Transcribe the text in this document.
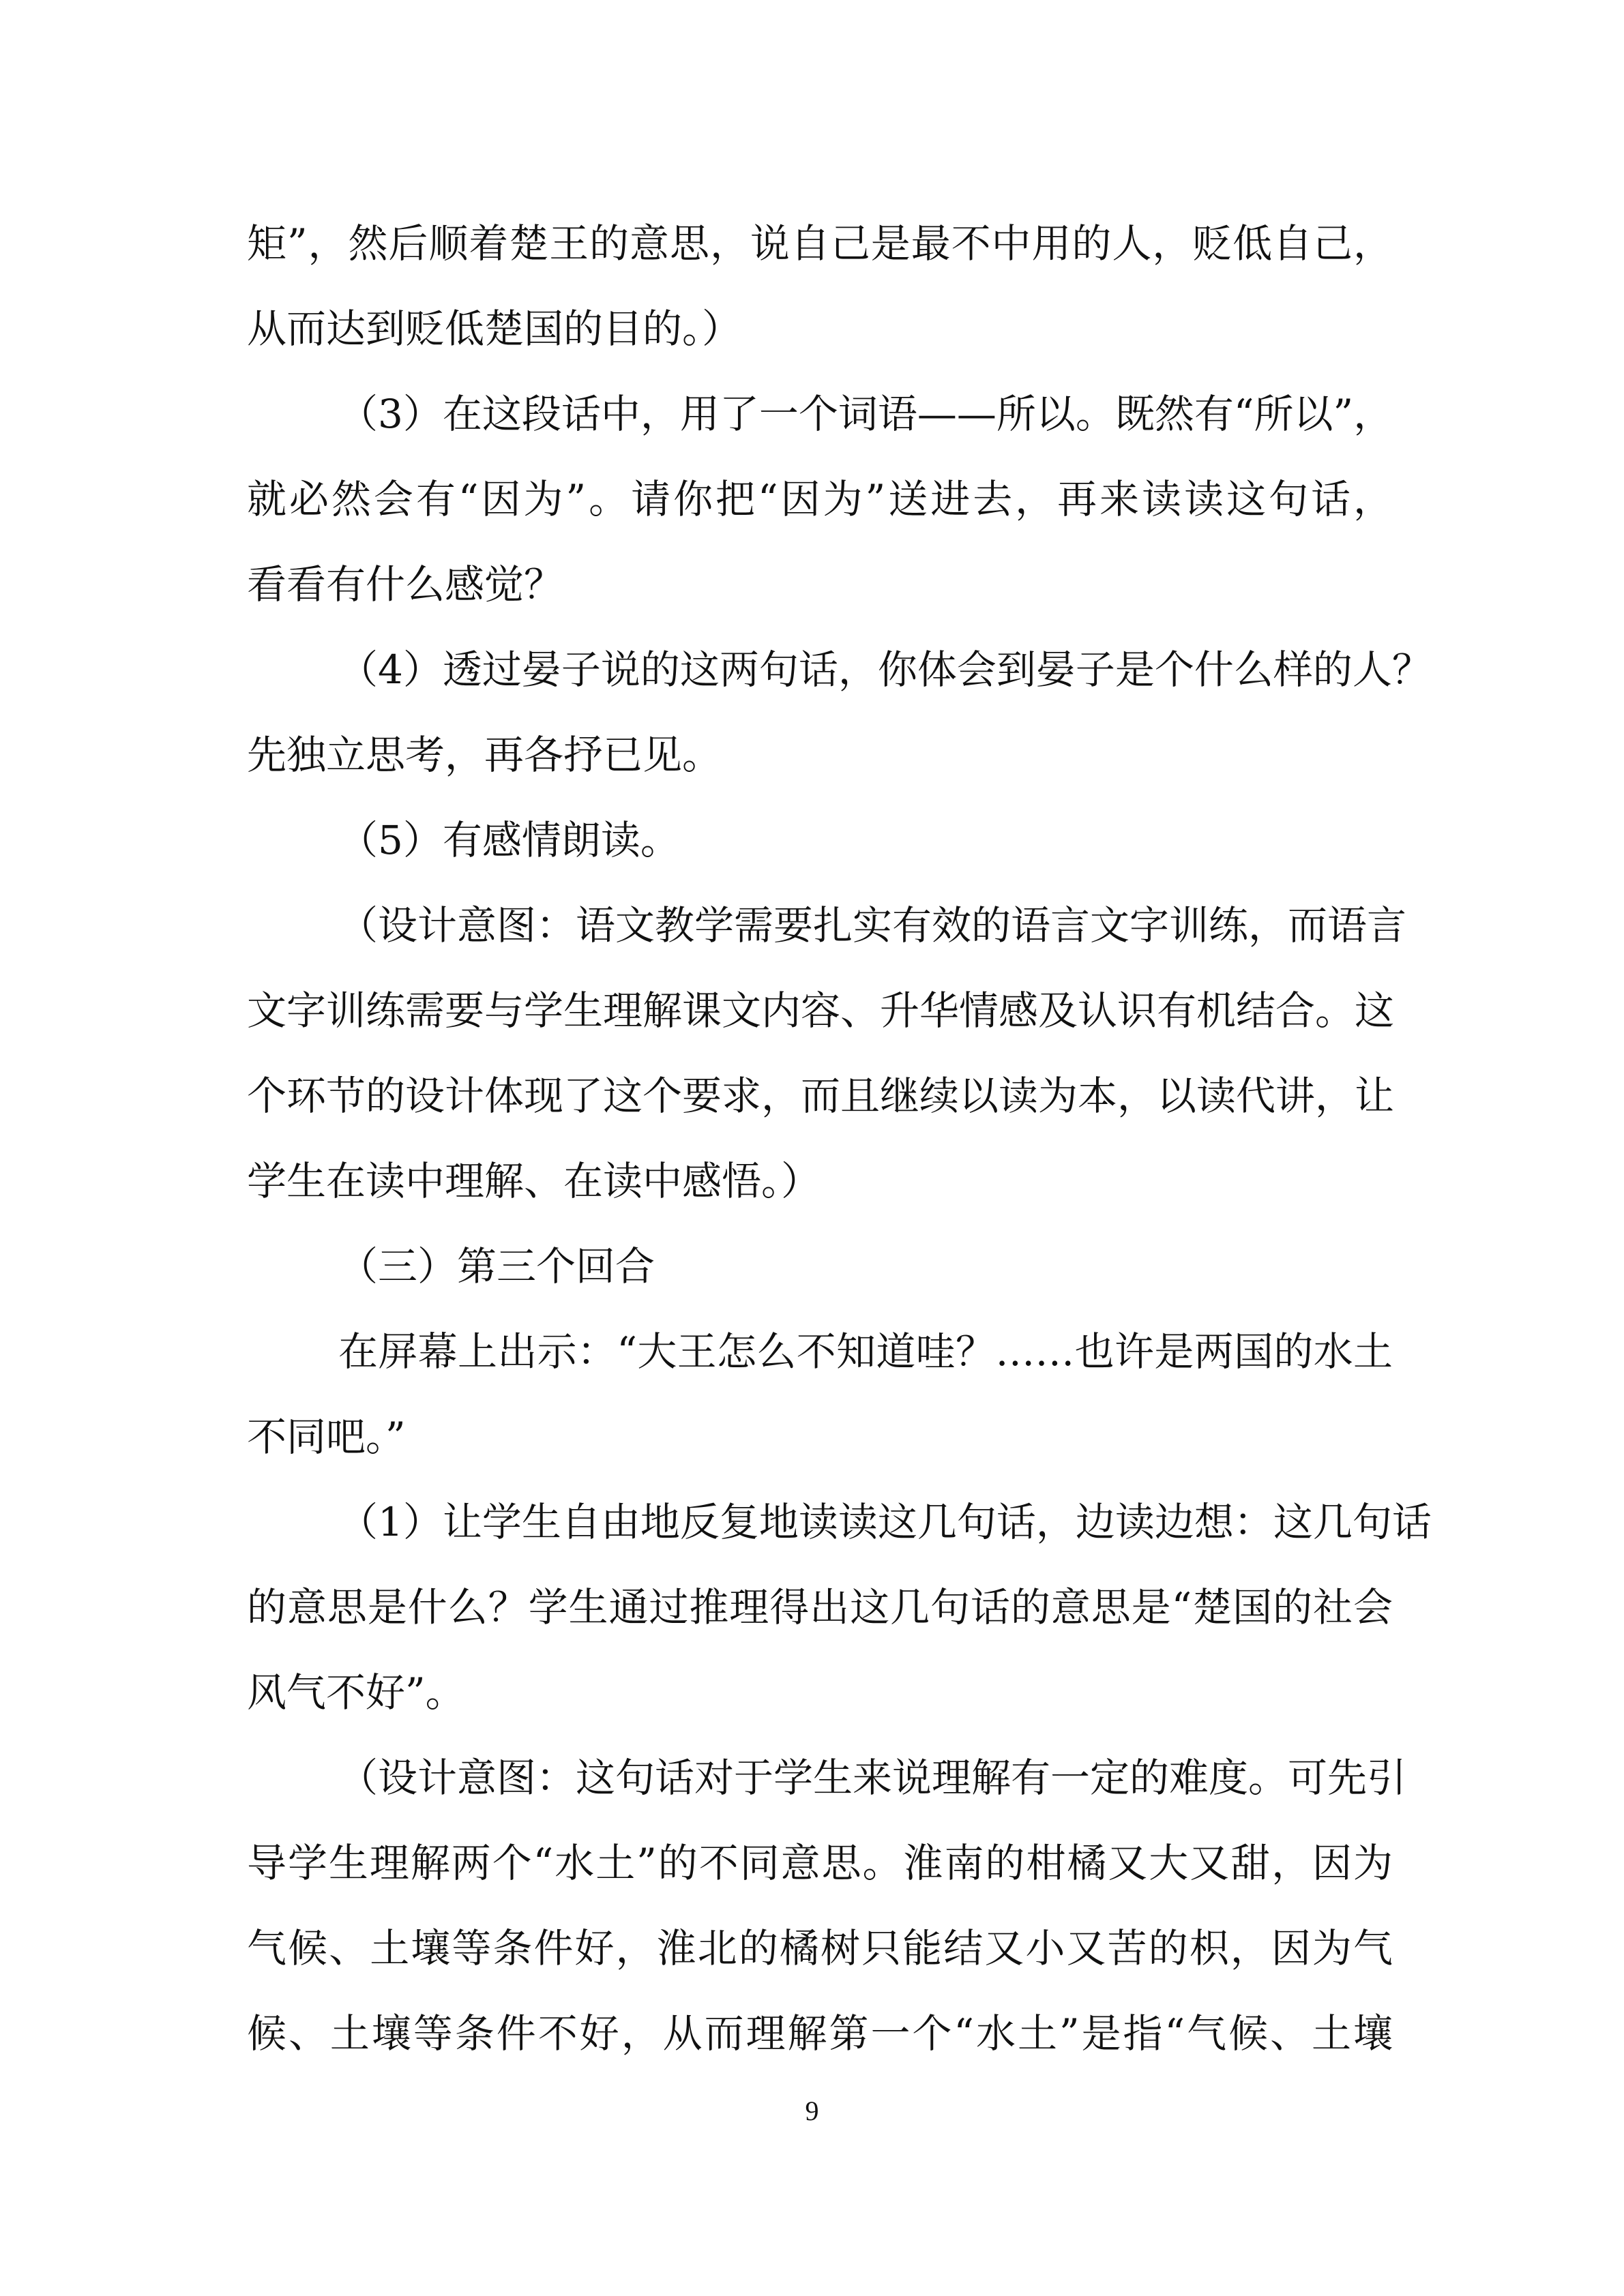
矩”，然后顺着楚王的意思，说自己是最不中用的人，贬低自己，
从而达到贬低楚国的目的。）
（3）在这段话中，用了一个词语——所以。既然有“所以”，
就必然会有“因为”。请你把“因为”送进去，再来读读这句话，
看看有什么感觉？
（4）透过晏子说的这两句话，你体会到晏子是个什么样的人？
先独立思考，再各抒已见。
（5）有感情朗读。
（设计意图：语文教学需要扎实有效的语言文字训练，而语言
文字训练需要与学生理解课文内容、升华情感及认识有机结合。这
个环节的设计体现了这个要求，而且继续以读为本，以读代讲，让
学生在读中理解、在读中感悟。）
（三）第三个回合
在屏幕上出示：“大王怎么不知道哇？……也许是两国的水土
不同吧。”
（1）让学生自由地反复地读读这几句话，边读边想：这几句话
的意思是什么？学生通过推理得出这几句话的意思是“楚国的社会
风气不好”。
（设计意图：这句话对于学生来说理解有一定的难度。可先引
导学生理解两个“水土”的不同意思。淮南的柑橘又大又甜，因为
气候、土壤等条件好，淮北的橘树只能结又小又苦的枳，因为气
候、土壤等条件不好，从而理解第一个“水土”是指“气候、土壤
9
